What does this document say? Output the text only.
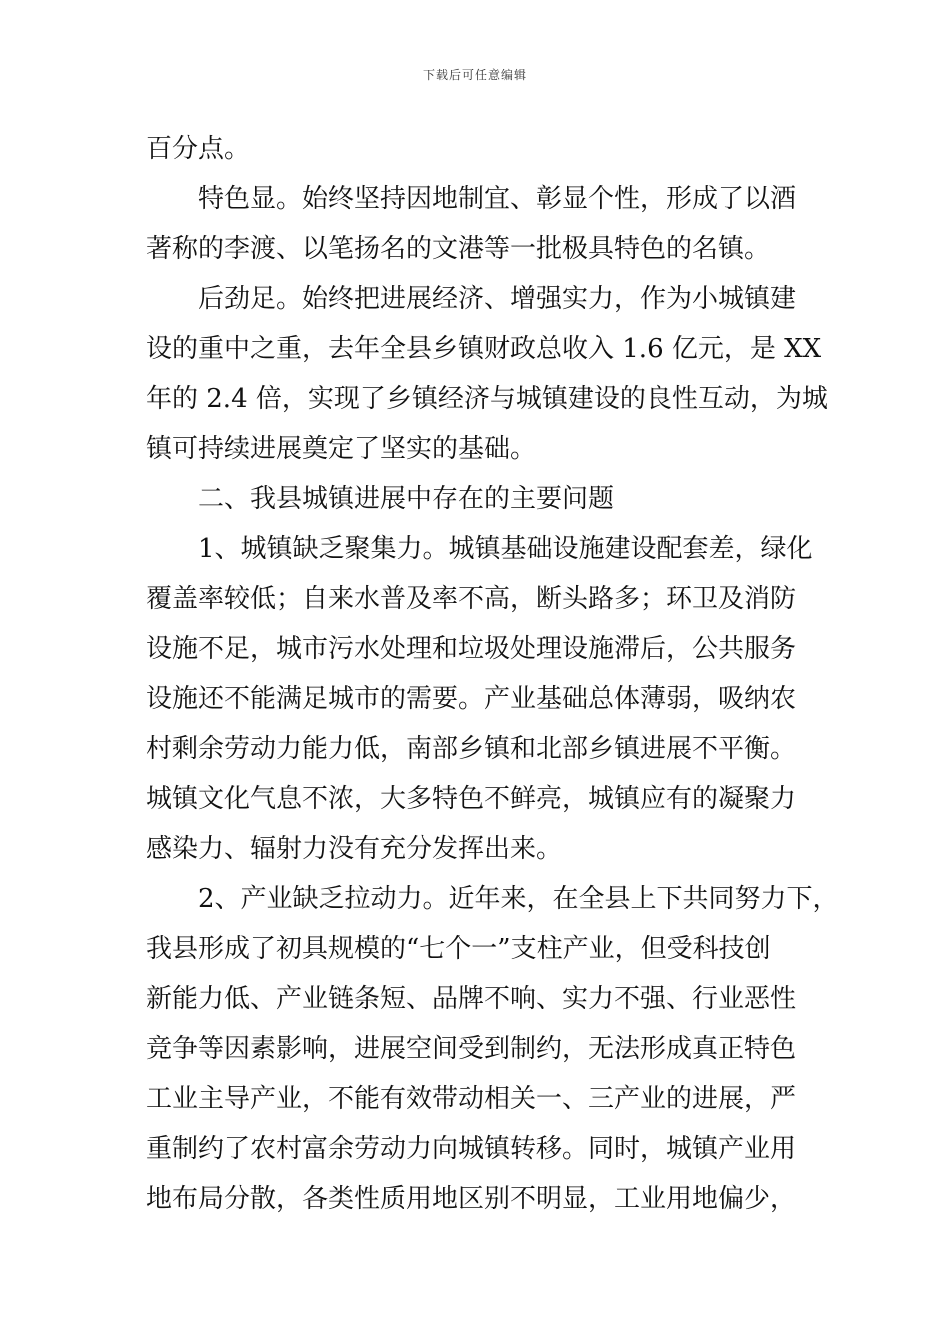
下载后可任意编辑
百分点。
　　特色显。始终坚持因地制宜、彰显个性，形成了以酒
著称的李渡、以笔扬名的文港等一批极具特色的名镇。
　　后劲足。始终把进展经济、增强实力，作为小城镇建
设的重中之重，去年全县乡镇财政总收入 1.6 亿元，是 XX
年的 2.4 倍，实现了乡镇经济与城镇建设的良性互动，为城
镇可持续进展奠定了坚实的基础。
　　二、我县城镇进展中存在的主要问题
　　1、城镇缺乏聚集力。城镇基础设施建设配套差，绿化
覆盖率较低；自来水普及率不高，断头路多；环卫及消防
设施不足，城市污水处理和垃圾处理设施滞后，公共服务
设施还不能满足城市的需要。产业基础总体薄弱，吸纳农
村剩余劳动力能力低，南部乡镇和北部乡镇进展不平衡。
城镇文化气息不浓，大多特色不鲜亮，城镇应有的凝聚力
感染力、辐射力没有充分发挥出来。
　　2、产业缺乏拉动力。近年来，在全县上下共同努力下，
我县形成了初具规模的“七个一”支柱产业，但受科技创
新能力低、产业链条短、品牌不响、实力不强、行业恶性
竞争等因素影响，进展空间受到制约，无法形成真正特色
工业主导产业，不能有效带动相关一、三产业的进展，严
重制约了农村富余劳动力向城镇转移。同时，城镇产业用
地布局分散，各类性质用地区别不明显，工业用地偏少，
